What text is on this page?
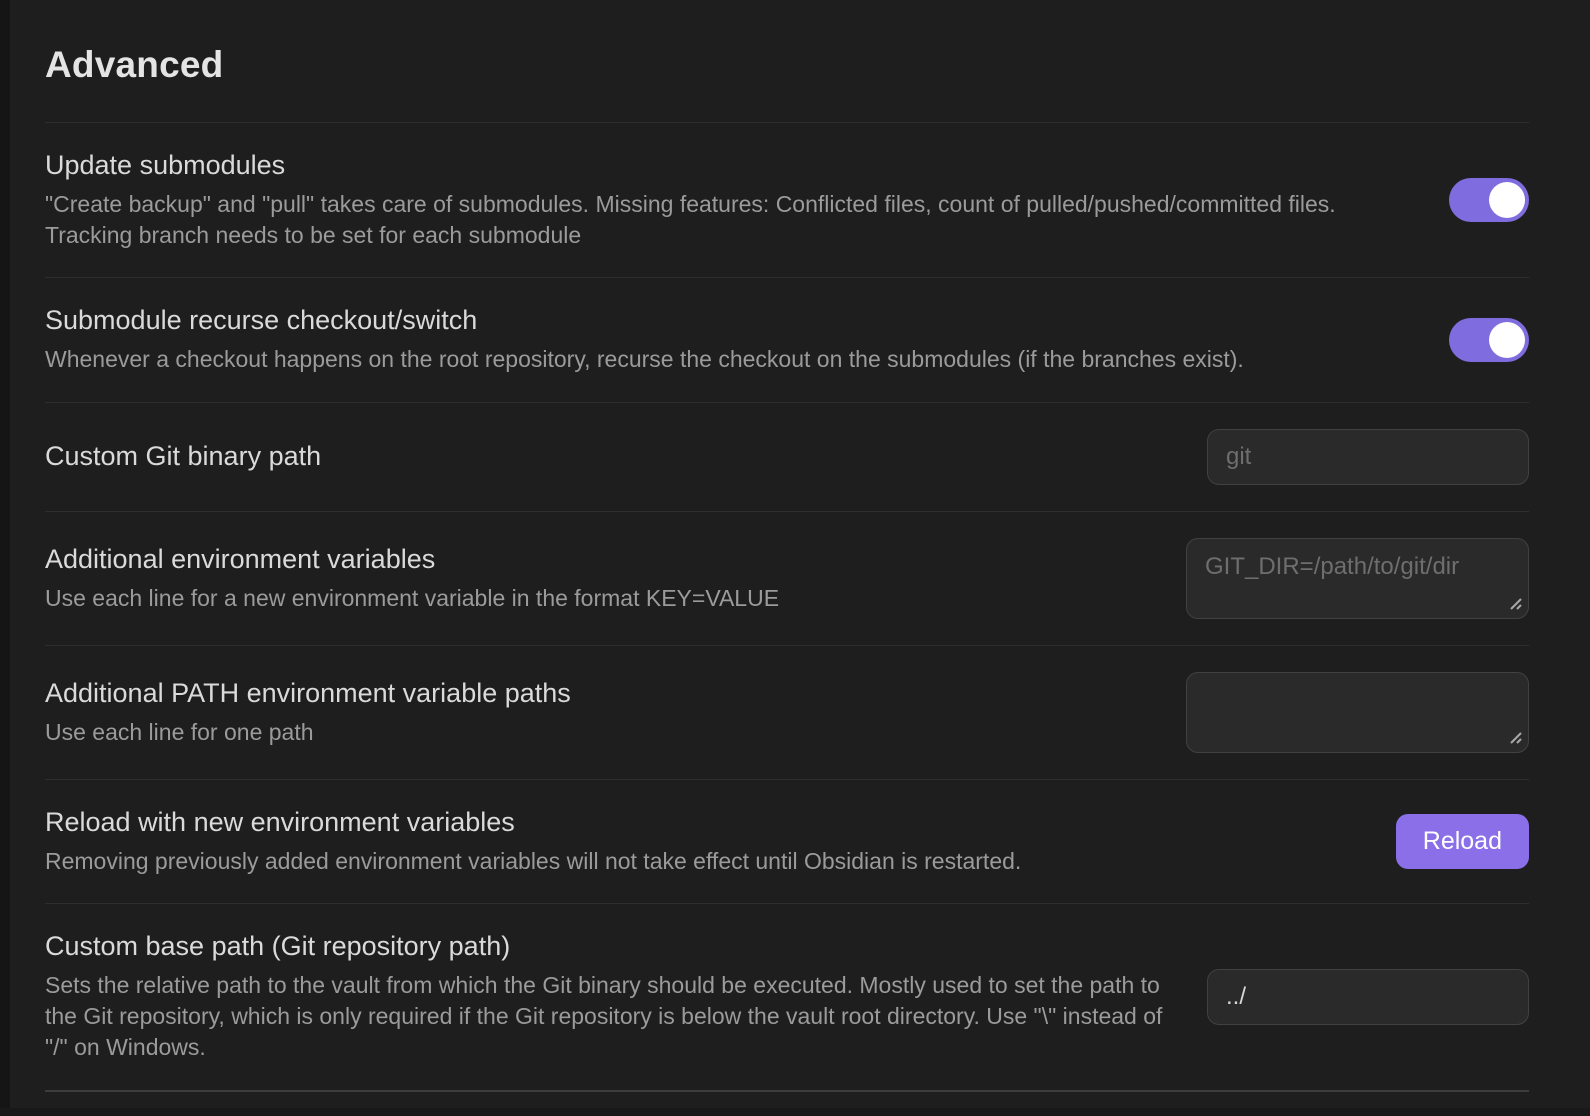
Advanced
Update submodules
"Create backup" and "pull" takes care of submodules. Missing features: Conflicted files, count of pulled/pushed/committed files. Tracking branch needs to be set for each submodule
Submodule recurse checkout/switch
Whenever a checkout happens on the root repository, recurse the checkout on the submodules (if the branches exist).
Custom Git binary path
git
Additional environment variables
Use each line for a new environment variable in the format KEY=VALUE
GIT_DIR=/path/to/git/dir
Additional PATH environment variable paths
Use each line for one path
Reload with new environment variables
Removing previously added environment variables will not take effect until Obsidian is restarted.
Reload
Custom base path (Git repository path)
Sets the relative path to the vault from which the Git binary should be executed. Mostly used to set the path to the Git repository, which is only required if the Git repository is below the vault root directory. Use "\" instead of "/" on Windows.
../
